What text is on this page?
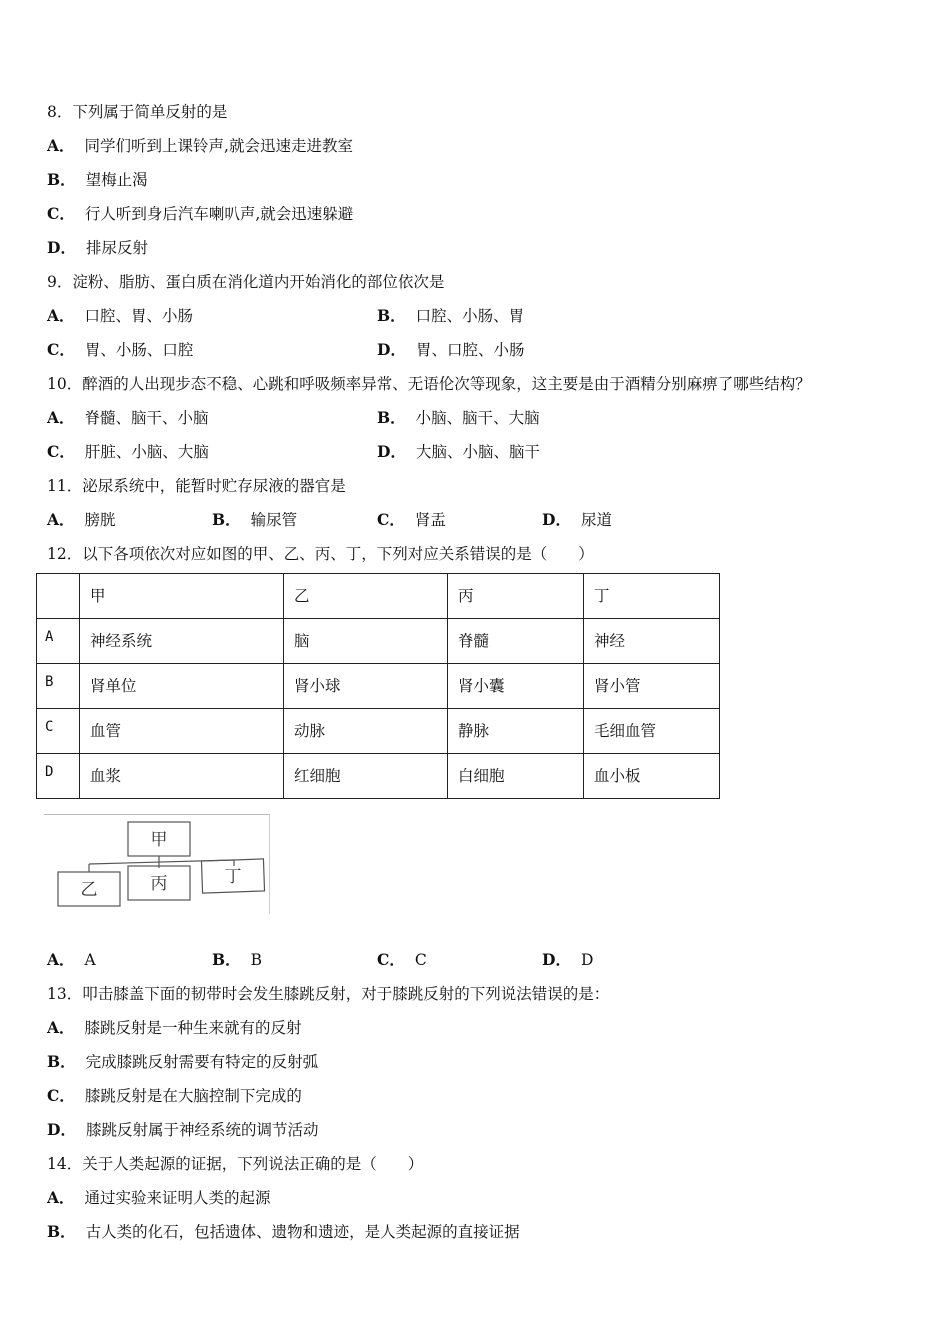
8．下列属于简单反射的是
A． 同学们听到上课铃声,就会迅速走进教室
B． 望梅止渴
C． 行人听到身后汽车喇叭声,就会迅速躲避
D． 排尿反射
9．淀粉、脂肪、蛋白质在消化道内开始消化的部位依次是
A． 口腔、胃、小肠	B． 口腔、小肠、胃
C． 胃、小肠、口腔	D． 胃、口腔、小肠
10．醉酒的人出现步态不稳、心跳和呼吸频率异常、无语伦次等现象，这主要是由于酒精分别麻痹了哪些结构？
A． 脊髓、脑干、小脑	B． 小脑、脑干、大脑
C． 肝脏、小脑、大脑	D． 大脑、小脑、脑干
11．泌尿系统中，能暂时贮存尿液的器官是
A． 膀胱	B． 输尿管	C． 肾盂	D． 尿道
12．以下各项依次对应如图的甲、乙、丙、丁，下列对应关系错误的是（　　）
	甲	乙	丙	丁
A	神经系统	脑	脊髓	神经
B	肾单位	肾小球	肾小囊	肾小管
C	血管	动脉	静脉	毛细血管
D	血浆	红细胞	白细胞	血小板
甲
乙	丙	丁
A． A	B． B	C． C	D． D
13．叩击膝盖下面的韧带时会发生膝跳反射，对于膝跳反射的下列说法错误的是：
A． 膝跳反射是一种生来就有的反射
B． 完成膝跳反射需要有特定的反射弧
C． 膝跳反射是在大脑控制下完成的
D． 膝跳反射属于神经系统的调节活动
14．关于人类起源的证据，下列说法正确的是（　　）
A． 通过实验来证明人类的起源
B． 古人类的化石，包括遗体、遗物和遗迹，是人类起源的直接证据
